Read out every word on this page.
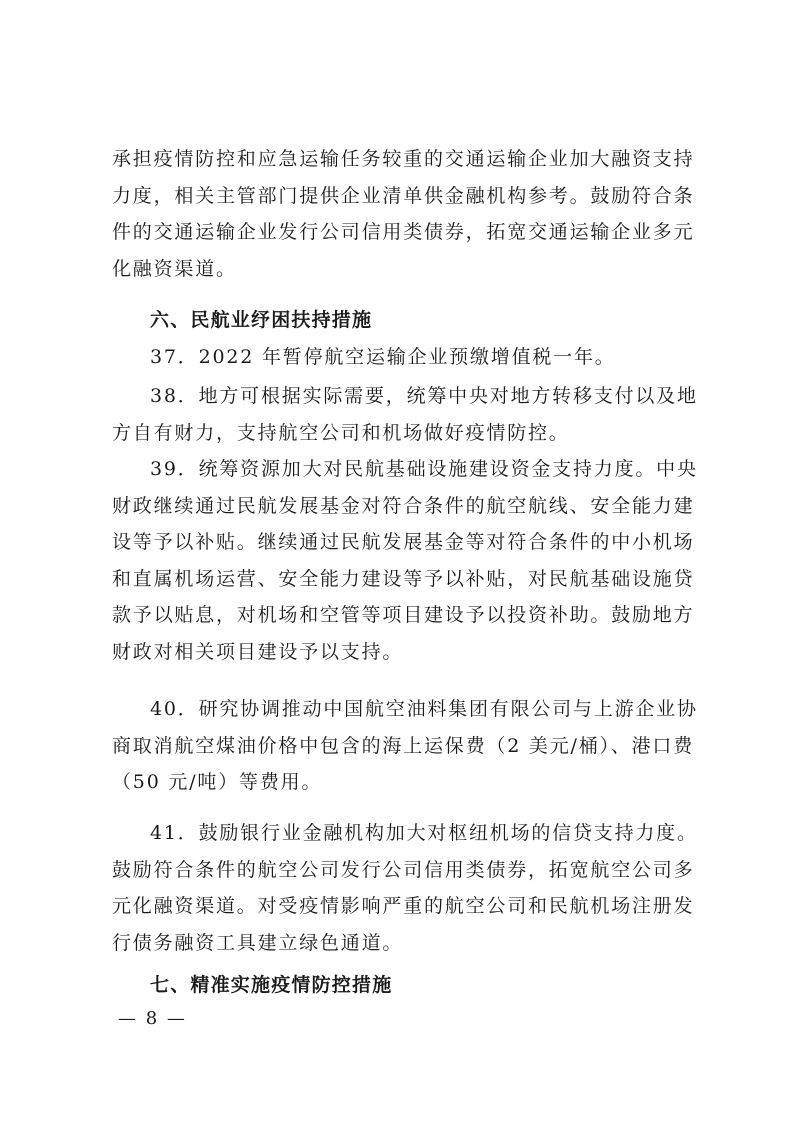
承担疫情防控和应急运输任务较重的交通运输企业加大融资支持
力度，相关主管部门提供企业清单供金融机构参考。鼓励符合条
件的交通运输企业发行公司信用类债券，拓宽交通运输企业多元
化融资渠道。
六、民航业纾困扶持措施
37．2022 年暂停航空运输企业预缴增值税一年。
38．地方可根据实际需要，统筹中央对地方转移支付以及地
方自有财力，支持航空公司和机场做好疫情防控。
39．统筹资源加大对民航基础设施建设资金支持力度。中央
财政继续通过民航发展基金对符合条件的航空航线、安全能力建
设等予以补贴。继续通过民航发展基金等对符合条件的中小机场
和直属机场运营、安全能力建设等予以补贴，对民航基础设施贷
款予以贴息，对机场和空管等项目建设予以投资补助。鼓励地方
财政对相关项目建设予以支持。
40．研究协调推动中国航空油料集团有限公司与上游企业协
商取消航空煤油价格中包含的海上运保费（2 美元/桶）、港口费
（50 元/吨）等费用。
41．鼓励银行业金融机构加大对枢纽机场的信贷支持力度。
鼓励符合条件的航空公司发行公司信用类债券，拓宽航空公司多
元化融资渠道。对受疫情影响严重的航空公司和民航机场注册发
行债务融资工具建立绿色通道。
七、精准实施疫情防控措施
— 8 —
